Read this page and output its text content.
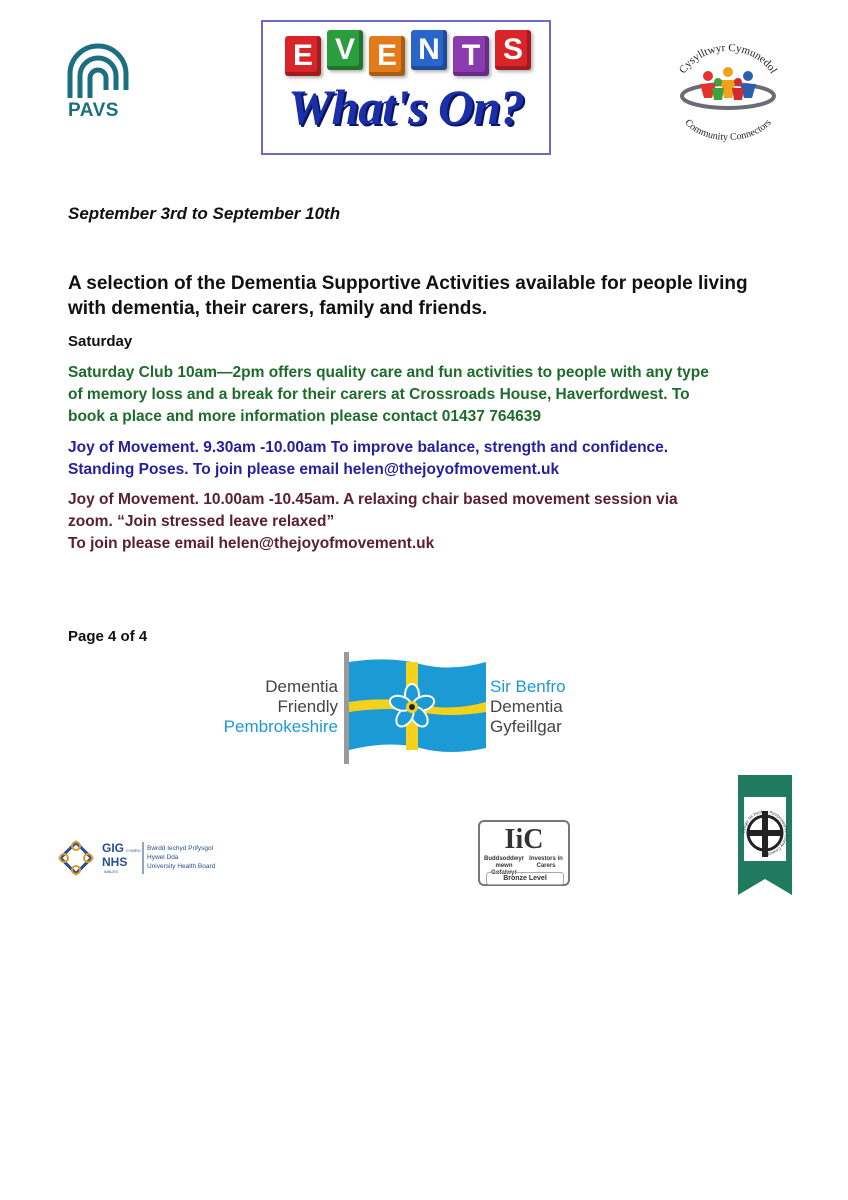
PAVS
E V E N T S
What's On?
Cysylltwyr Cymunedol
Community Connectors
September 3rd to September 10th
A selection of the Dementia Supportive Activities available for people living with dementia, their carers, family and friends.
Saturday
Saturday Club 10am—2pm offers quality care and fun activities to people with any type
of memory loss and a break for their carers at Crossroads House, Haverfordwest. To
book a place and more information please contact 01437 764639
Joy of Movement. 9.30am -10.00am To improve balance, strength and confidence.
Standing Poses. To join please email helen@thejoyofmovement.uk
Joy of Movement. 10.00am -10.45am. A relaxing chair based movement session via
zoom. “Join stressed leave relaxed”
To join please email helen@thejoyofmovement.uk
Page 4 of 4
Dementia
Friendly
Pembrokeshire
Sir Benfro
Dementia
Gyfeillgar
GIG CYMRU
NHS
WALES
Bwrdd Iechyd Prifysgol
Hywel Dda
University Health Board
IiC
Buddsoddwyr mewn Gofalwyr
Investors in Carers
Bronze Level
Cyngor Sir Penfro · Pembrokeshire County Council
